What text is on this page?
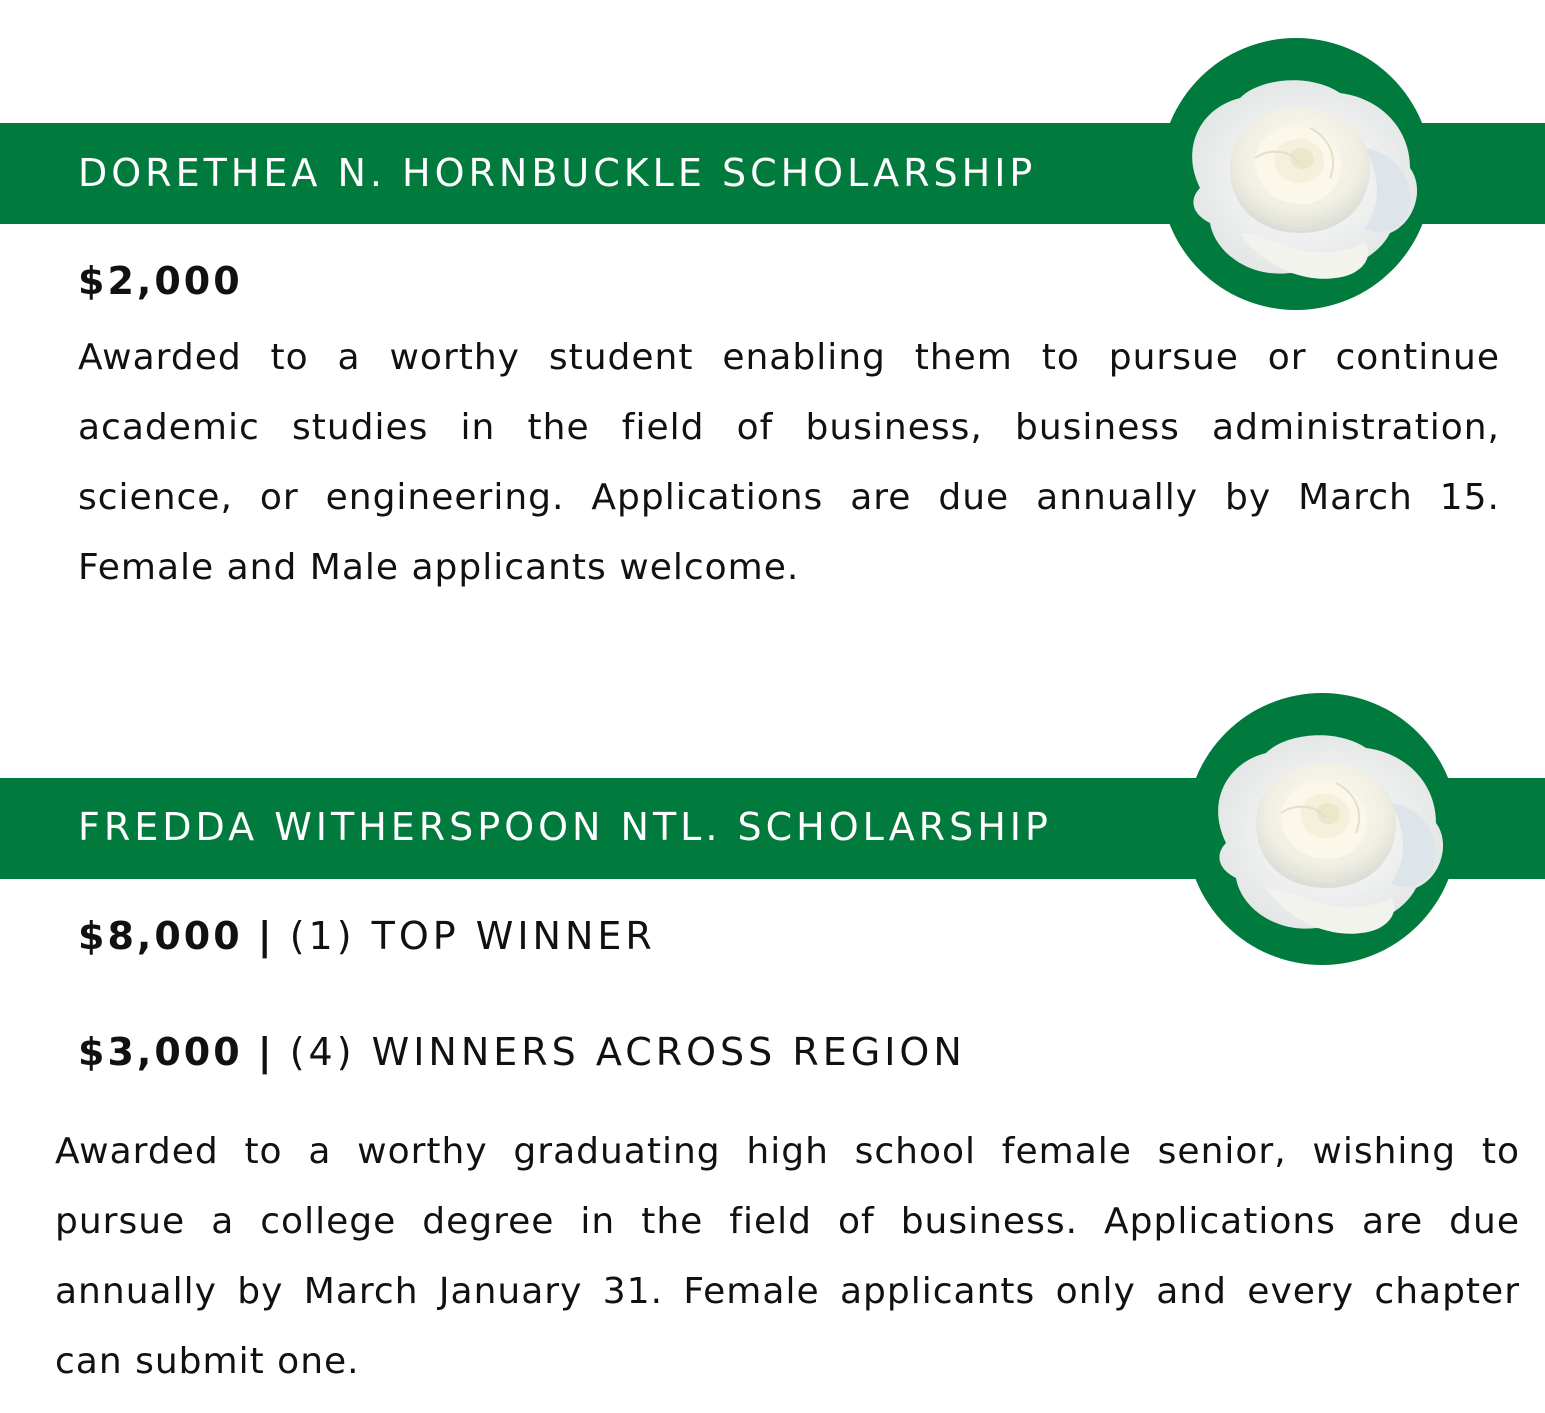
DORETHEA N. HORNBUCKLE SCHOLARSHIP
$2,000
Awarded to a worthy student enabling them to pursue or continue academic studies in the field of business, business administration, science, or engineering. Applications are due annually by March 15. Female and Male applicants welcome.
FREDDA WITHERSPOON NTL. SCHOLARSHIP
$8,000 | (1) TOP WINNER
$3,000 | (4) WINNERS ACROSS REGION
Awarded to a worthy graduating high school female senior, wishing to pursue a college degree in the field of business. Applications are due annually by March January 31. Female applicants only and every chapter can submit one.
